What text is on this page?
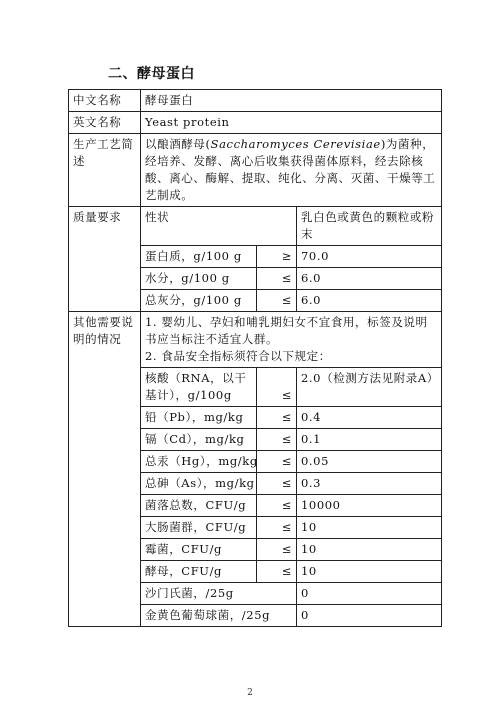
二、酵母蛋白
中文名称	酵母蛋白		
英文名称	Yeast protein		
生产工艺简述	以酿酒酵母(Saccharomyces Cerevisiae)为菌种，经培养、发酵、离心后收集获得菌体原料，经去除核酸、离心、酶解、提取、纯化、分离、灭菌、干燥等工艺制成。		
质量要求	性状		乳白色或黄色的颗粒或粉末
	蛋白质，g/100 g	≥	70.0
	水分，g/100 g	≤	6.0
	总灰分，g/100 g	≤	6.0
其他需要说明的情况	1. 婴幼儿、孕妇和哺乳期妇女不宜食用，标签及说明书应当标注不适宜人群。
2. 食品安全指标须符合以下规定：		

	核酸（RNA，以干基计），g/100g	≤	2.0（检测方法见附录A）
	铅（Pb），mg/kg	≤	0.4
	镉（Cd），mg/kg	≤	0.1
	总汞（Hg），mg/kg	≤	0.05
	总砷（As），mg/kg	≤	0.3
	菌落总数，CFU/g	≤	10000
	大肠菌群，CFU/g	≤	10
	霉菌，CFU/g	≤	10
	酵母，CFU/g	≤	10
	沙门氏菌，/25g		0
	金黄色葡萄球菌，/25g		0
2
